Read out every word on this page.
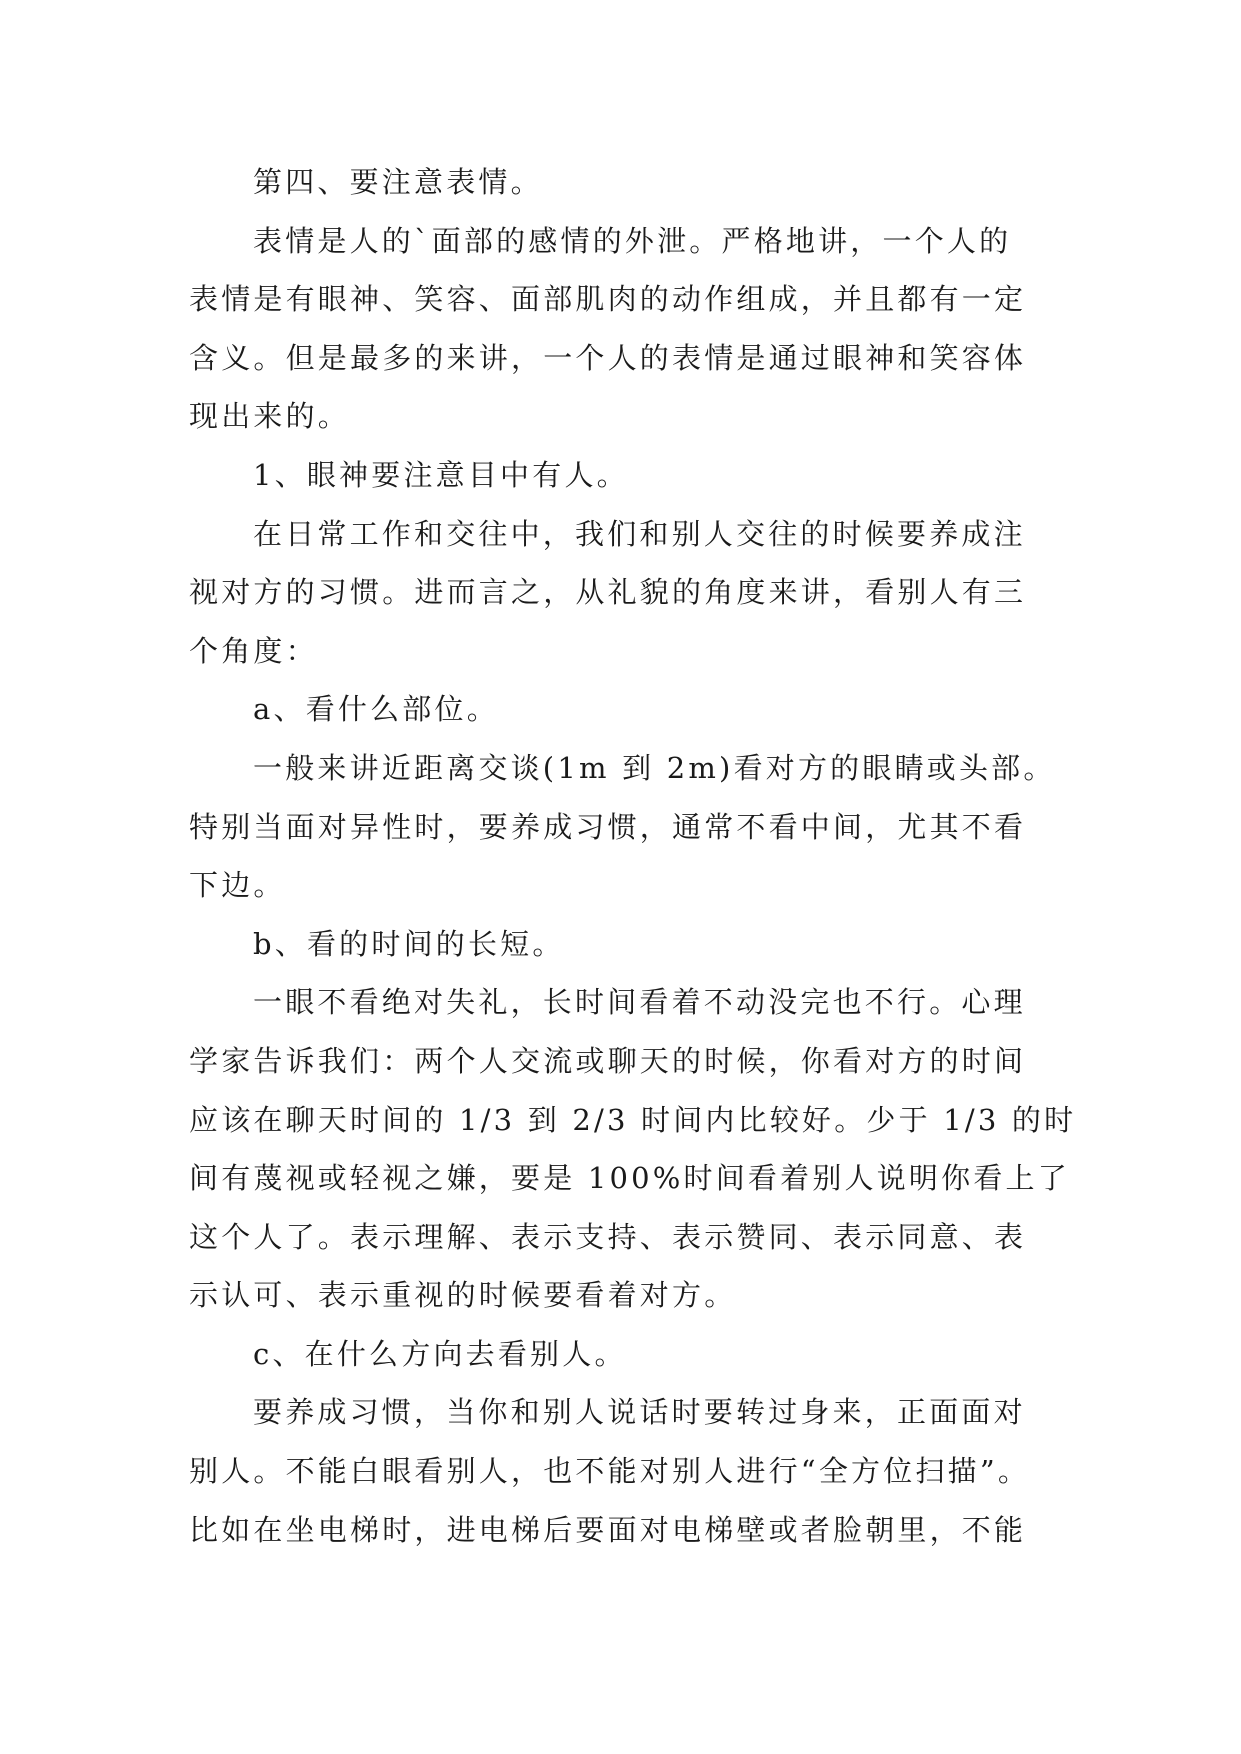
第四、要注意表情。
表情是人的`面部的感情的外泄。严格地讲，一个人的
表情是有眼神、笑容、面部肌肉的动作组成，并且都有一定
含义。但是最多的来讲，一个人的表情是通过眼神和笑容体
现出来的。
1、眼神要注意目中有人。
在日常工作和交往中，我们和别人交往的时候要养成注
视对方的习惯。进而言之，从礼貌的角度来讲，看别人有三
个角度：
a、看什么部位。
一般来讲近距离交谈(1m 到 2m)看对方的眼睛或头部。
特别当面对异性时，要养成习惯，通常不看中间，尤其不看
下边。
b、看的时间的长短。
一眼不看绝对失礼，长时间看着不动没完也不行。心理
学家告诉我们：两个人交流或聊天的时候，你看对方的时间
应该在聊天时间的 1/3 到 2/3 时间内比较好。少于 1/3 的时
间有蔑视或轻视之嫌，要是 100%时间看着别人说明你看上了
这个人了。表示理解、表示支持、表示赞同、表示同意、表
示认可、表示重视的时候要看着对方。
c、在什么方向去看别人。
要养成习惯，当你和别人说话时要转过身来，正面面对
别人。不能白眼看别人，也不能对别人进行“全方位扫描”。
比如在坐电梯时，进电梯后要面对电梯壁或者脸朝里，不能
